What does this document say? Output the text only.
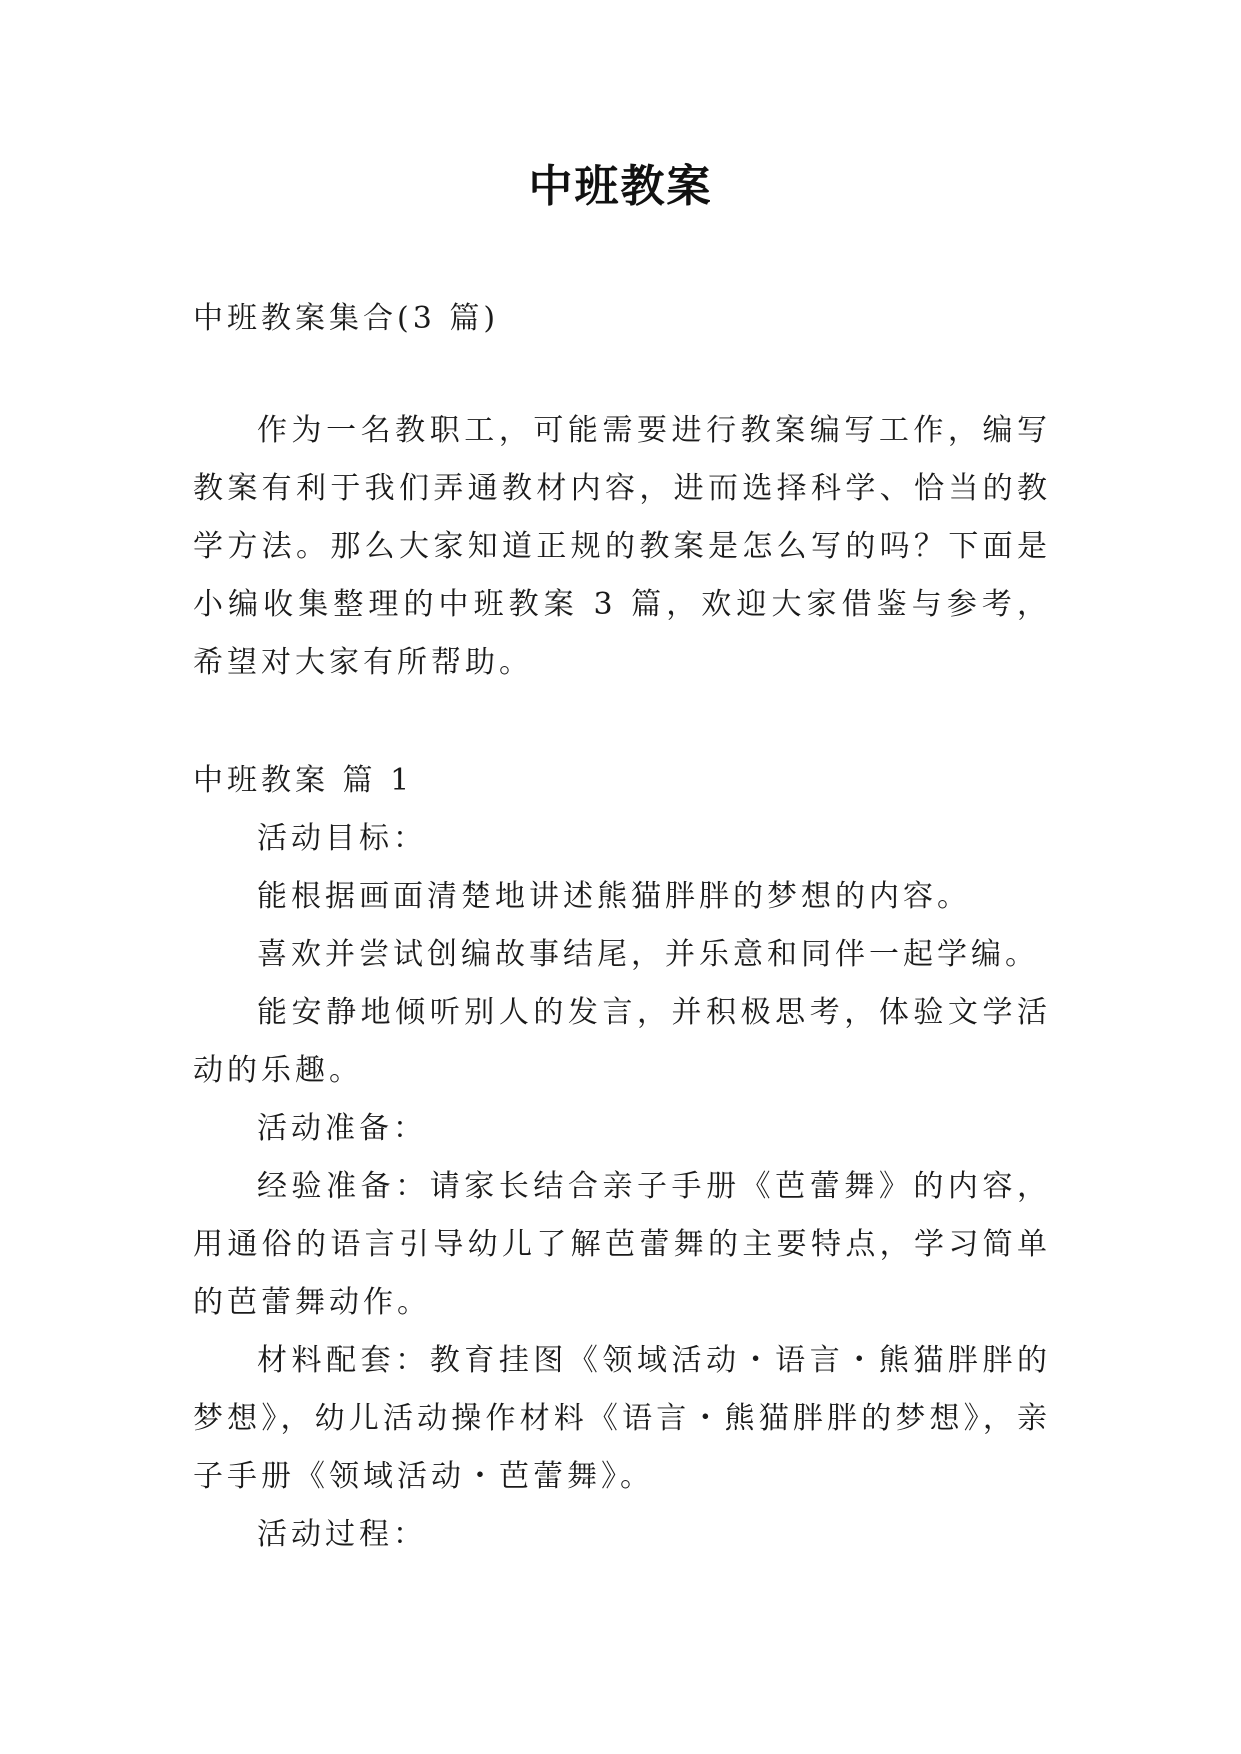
中班教案

中班教案集合(3 篇)

作为一名教职工，可能需要进行教案编写工作，编写教案有利于我们弄通教材内容，进而选择科学、恰当的教学方法。那么大家知道正规的教案是怎么写的吗？下面是小编收集整理的中班教案 3 篇，欢迎大家借鉴与参考，希望对大家有所帮助。

中班教案 篇 1

活动目标：

能根据画面清楚地讲述熊猫胖胖的梦想的内容。

喜欢并尝试创编故事结尾，并乐意和同伴一起学编。

能安静地倾听别人的发言，并积极思考，体验文学活动的乐趣。

活动准备：

经验准备：请家长结合亲子手册《芭蕾舞》的内容，用通俗的语言引导幼儿了解芭蕾舞的主要特点，学习简单的芭蕾舞动作。

材料配套：教育挂图《领域活动・语言・熊猫胖胖的梦想》，幼儿活动操作材料《语言・熊猫胖胖的梦想》，亲子手册《领域活动・芭蕾舞》。

活动过程：
